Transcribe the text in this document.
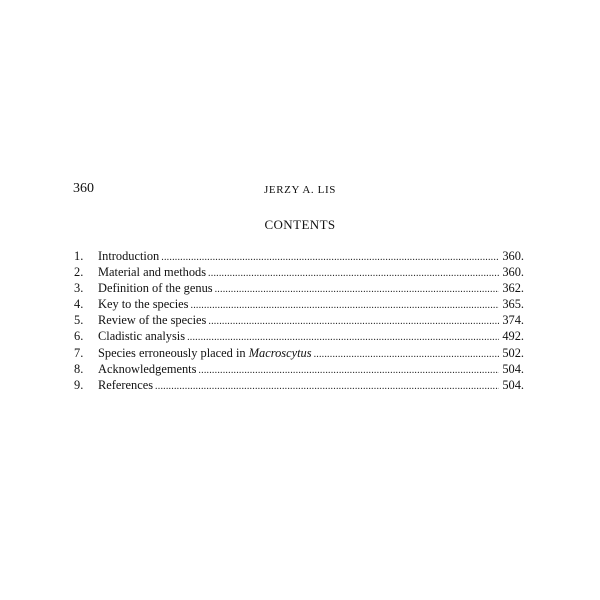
360	JERZY A. LIS
CONTENTS
1.	Introduction .....	360.
2.	Material and methods .....	360.
3.	Definition of the genus .....	362.
4.	Key to the species .....	365.
5.	Review of the species .....	374.
6.	Cladistic analysis .....	492.
7.	Species erroneously placed in Macroscytus .....	502.
8.	Acknowledgements .....	504.
9.	References .....	504.
